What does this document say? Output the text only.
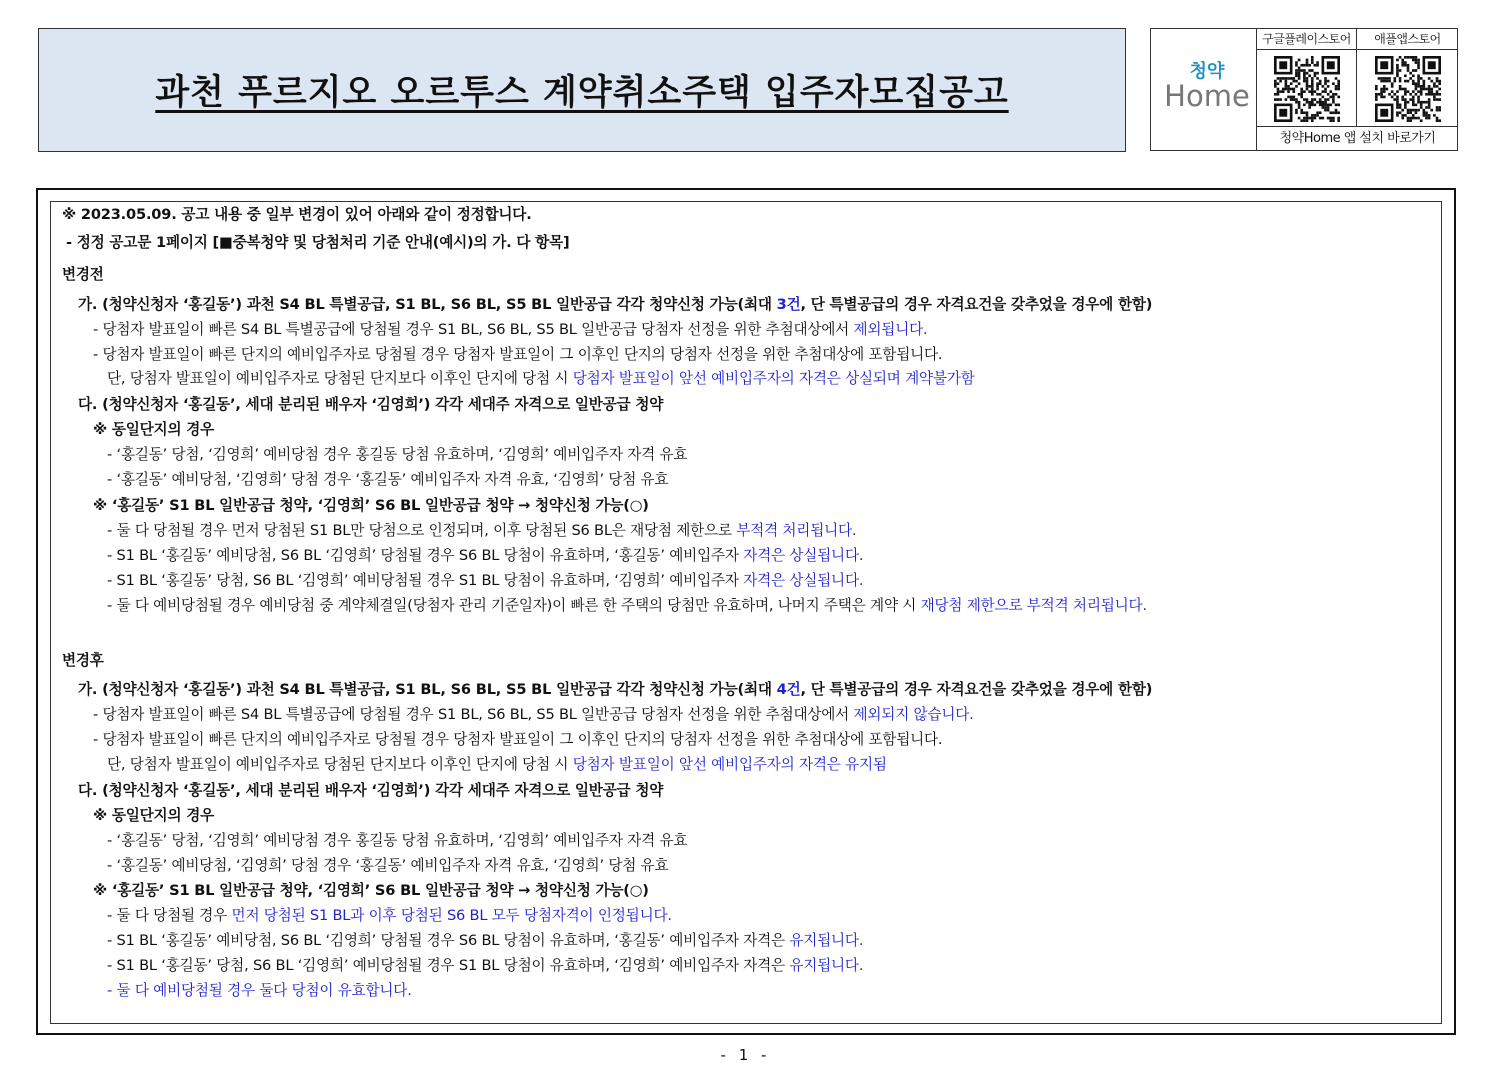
과천 푸르지오 오르투스 계약취소주택 입주자모집공고
청약
Home
구글플레이스토어	애플앱스토어
청약Home 앱 설치 바로가기
※ 2023.05.09. 공고 내용 중 일부 변경이 있어 아래와 같이 정정합니다.
- 정정 공고문 1페이지 [■중복청약 및 당첨처리 기준 안내(예시)의 가. 다 항목]
변경전
가. (청약신청자 ‘홍길동’) 과천 S4 BL 특별공급, S1 BL, S6 BL, S5 BL 일반공급 각각 청약신청 가능(최대 3건, 단 특별공급의 경우 자격요건을 갖추었을 경우에 한함)
- 당첨자 발표일이 빠른 S4 BL 특별공급에 당첨될 경우 S1 BL, S6 BL, S5 BL 일반공급 당첨자 선정을 위한 추첨대상에서 제외됩니다.
- 당첨자 발표일이 빠른 단지의 예비입주자로 당첨될 경우 당첨자 발표일이 그 이후인 단지의 당첨자 선정을 위한 추첨대상에 포함됩니다.
단, 당첨자 발표일이 예비입주자로 당첨된 단지보다 이후인 단지에 당첨 시 당첨자 발표일이 앞선 예비입주자의 자격은 상실되며 계약불가함
다. (청약신청자 ‘홍길동’, 세대 분리된 배우자 ‘김영희’) 각각 세대주 자격으로 일반공급 청약
※ 동일단지의 경우
- ‘홍길동’ 당첨, ‘김영희’ 예비당첨 경우 홍길동 당첨 유효하며, ‘김영희’ 예비입주자 자격 유효
- ‘홍길동’ 예비당첨, ‘김영희’ 당첨 경우 ‘홍길동’ 예비입주자 자격 유효, ‘김영희’ 당첨 유효
※ ‘홍길동’ S1 BL 일반공급 청약, ‘김영희’ S6 BL 일반공급 청약 → 청약신청 가능(○)
- 둘 다 당첨될 경우 먼저 당첨된 S1 BL만 당첨으로 인정되며, 이후 당첨된 S6 BL은 재당첨 제한으로 부적격 처리됩니다.
- S1 BL ‘홍길동’ 예비당첨, S6 BL ‘김영희’ 당첨될 경우 S6 BL 당첨이 유효하며, ‘홍길동’ 예비입주자 자격은 상실됩니다.
- S1 BL ‘홍길동’ 당첨, S6 BL ‘김영희’ 예비당첨될 경우 S1 BL 당첨이 유효하며, ‘김영희’ 예비입주자 자격은 상실됩니다.
- 둘 다 예비당첨될 경우 예비당첨 중 계약체결일(당첨자 관리 기준일자)이 빠른 한 주택의 당첨만 유효하며, 나머지 주택은 계약 시 재당첨 제한으로 부적격 처리됩니다.
변경후
가. (청약신청자 ‘홍길동’) 과천 S4 BL 특별공급, S1 BL, S6 BL, S5 BL 일반공급 각각 청약신청 가능(최대 4건, 단 특별공급의 경우 자격요건을 갖추었을 경우에 한함)
- 당첨자 발표일이 빠른 S4 BL 특별공급에 당첨될 경우 S1 BL, S6 BL, S5 BL 일반공급 당첨자 선정을 위한 추첨대상에서 제외되지 않습니다.
- 당첨자 발표일이 빠른 단지의 예비입주자로 당첨될 경우 당첨자 발표일이 그 이후인 단지의 당첨자 선정을 위한 추첨대상에 포함됩니다.
단, 당첨자 발표일이 예비입주자로 당첨된 단지보다 이후인 단지에 당첨 시 당첨자 발표일이 앞선 예비입주자의 자격은 유지됨
다. (청약신청자 ‘홍길동’, 세대 분리된 배우자 ‘김영희’) 각각 세대주 자격으로 일반공급 청약
※ 동일단지의 경우
- ‘홍길동’ 당첨, ‘김영희’ 예비당첨 경우 홍길동 당첨 유효하며, ‘김영희’ 예비입주자 자격 유효
- ‘홍길동’ 예비당첨, ‘김영희’ 당첨 경우 ‘홍길동’ 예비입주자 자격 유효, ‘김영희’ 당첨 유효
※ ‘홍길동’ S1 BL 일반공급 청약, ‘김영희’ S6 BL 일반공급 청약 → 청약신청 가능(○)
- 둘 다 당첨될 경우 먼저 당첨된 S1 BL과 이후 당첨된 S6 BL 모두 당첨자격이 인정됩니다.
- S1 BL ‘홍길동’ 예비당첨, S6 BL ‘김영희’ 당첨될 경우 S6 BL 당첨이 유효하며, ‘홍길동’ 예비입주자 자격은 유지됩니다.
- S1 BL ‘홍길동’ 당첨, S6 BL ‘김영희’ 예비당첨될 경우 S1 BL 당첨이 유효하며, ‘김영희’ 예비입주자 자격은 유지됩니다.
- 둘 다 예비당첨될 경우 둘다 당첨이 유효합니다.
- 1 -
